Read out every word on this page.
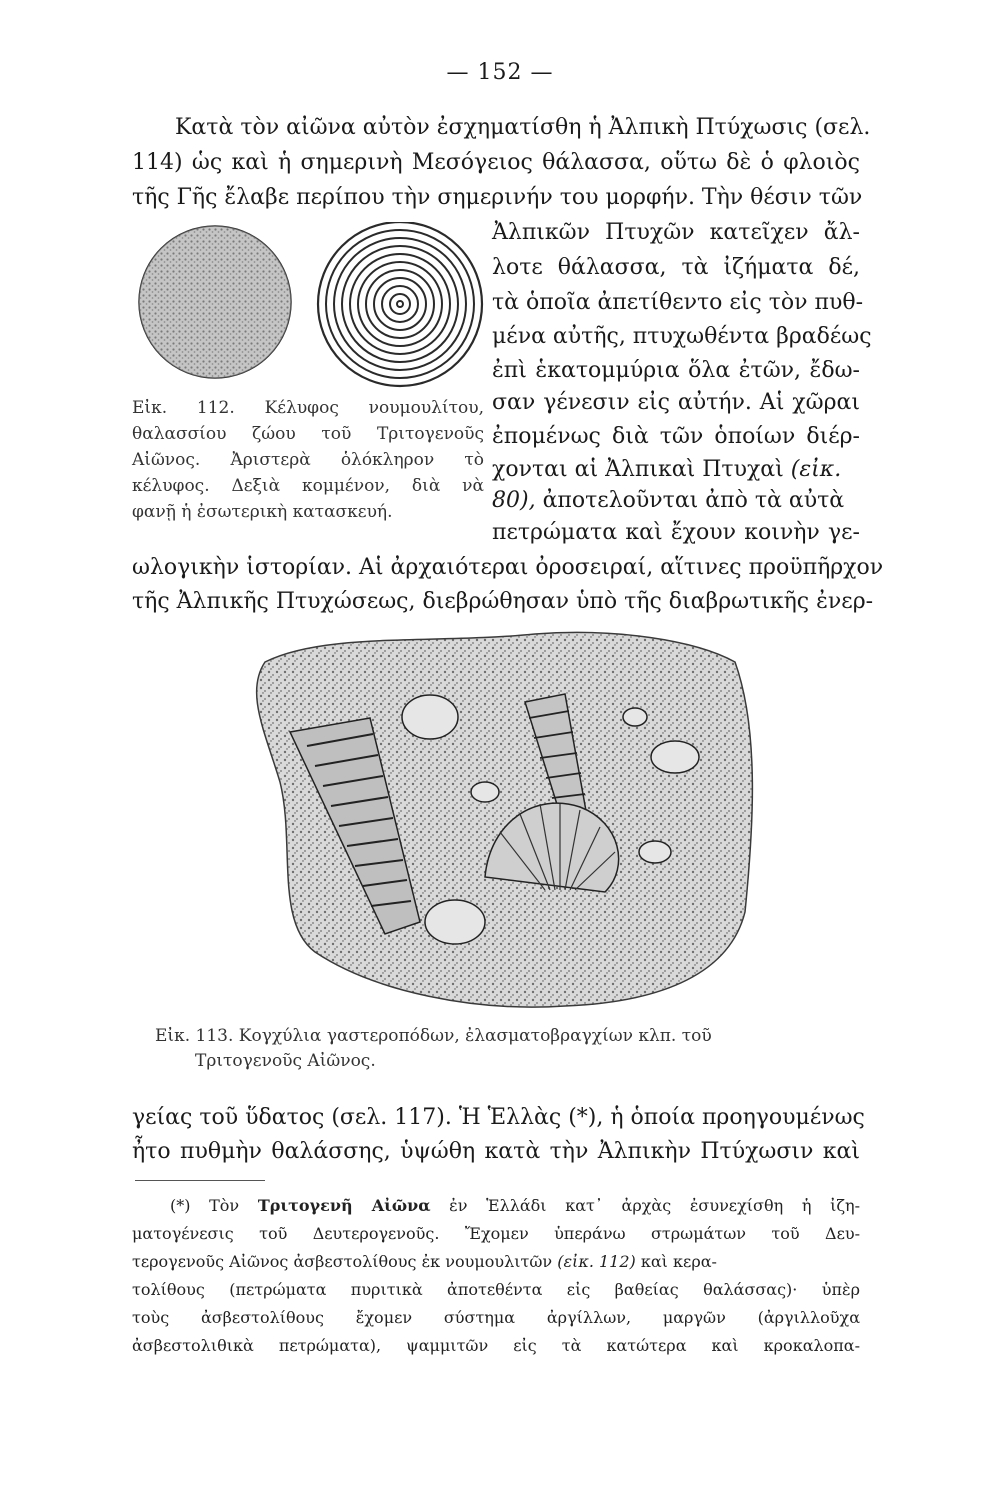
— 152 —
Κατὰ τὸν αἰῶνα αὐτὸν ἐσχηματίσθη ἡ Ἀλπικὴ Πτύχωσις (σελ.
114) ὡς καὶ ἡ σημερινὴ Μεσόγειος θάλασσα, οὕτω δὲ ὁ φλοιὸς
τῆς Γῆς ἔλαβε περίπου τὴν σημερινήν του μορφήν. Τὴν θέσιν τῶν
Ἀλπικῶν Πτυχῶν κατεῖχεν ἄλ-
λοτε θάλασσα, τὰ ἰζήματα δέ,
τὰ ὁποῖα ἀπετίθεντο εἰς τὸν πυθ-
μένα αὐτῆς, πτυχωθέντα βραδέως
ἐπὶ ἑκατομμύρια ὅλα ἐτῶν, ἔδω-
σαν γένεσιν εἰς αὐτήν. Αἱ χῶραι
ἐπομένως διὰ τῶν ὁποίων διέρ-
χονται αἱ Ἀλπικαὶ Πτυχαὶ (εἰκ.
80), ἀποτελοῦνται ἀπὸ τὰ αὐτὰ
πετρώματα καὶ ἔχουν κοινὴν γε-
Εἰκ. 112. Κέλυφος νουμουλίτου,
θαλασσίου ζώου τοῦ Τριτογενοῦς
Αἰῶνος. Ἀριστερὰ ὁλόκληρον τὸ
κέλυφος. Δεξιὰ κομμένον, διὰ νὰ
φανῇ ἡ ἐσωτερικὴ κατασκευή.
ωλογικὴν ἱστορίαν. Αἱ ἀρχαιότεραι ὀροσειραί, αἵτινες προϋπῆρχον
τῆς Ἀλπικῆς Πτυχώσεως, διεβρώθησαν ὑπὸ τῆς διαβρωτικῆς ἐνερ-
Εἰκ. 113. Κογχύλια γαστεροπόδων, ἐλασματοβραγχίων κλπ. τοῦ
Τριτογενοῦς Αἰῶνος.
γείας τοῦ ὕδατος (σελ. 117). Ἡ Ἑλλὰς (*), ἡ ὁποία προηγουμένως
ἦτο πυθμὴν θαλάσσης, ὑψώθη κατὰ τὴν Ἀλπικὴν Πτύχωσιν καὶ
(*) Τὸν Τριτογενῆ Αἰῶνα ἐν Ἑλλάδι κατ᾽ ἀρχὰς ἐσυνεχίσθη ἡ ἰζη-
ματογένεσις τοῦ Δευτερογενοῦς. Ἔχομεν ὑπεράνω στρωμάτων τοῦ Δευ-
τερογενοῦς Αἰῶνος ἀσβεστολίθους ἐκ νουμουλιτῶν (εἰκ. 112) καὶ κερα-
τολίθους (πετρώματα πυριτικὰ ἀποτεθέντα εἰς βαθείας θαλάσσας)· ὑπὲρ
τοὺς ἀσβεστολίθους ἔχομεν σύστημα ἀργίλλων, μαργῶν (ἀργιλλοῦχα
ἀσβεστολιθικὰ πετρώματα), ψαμμιτῶν εἰς τὰ κατώτερα καὶ κροκαλοπα-
